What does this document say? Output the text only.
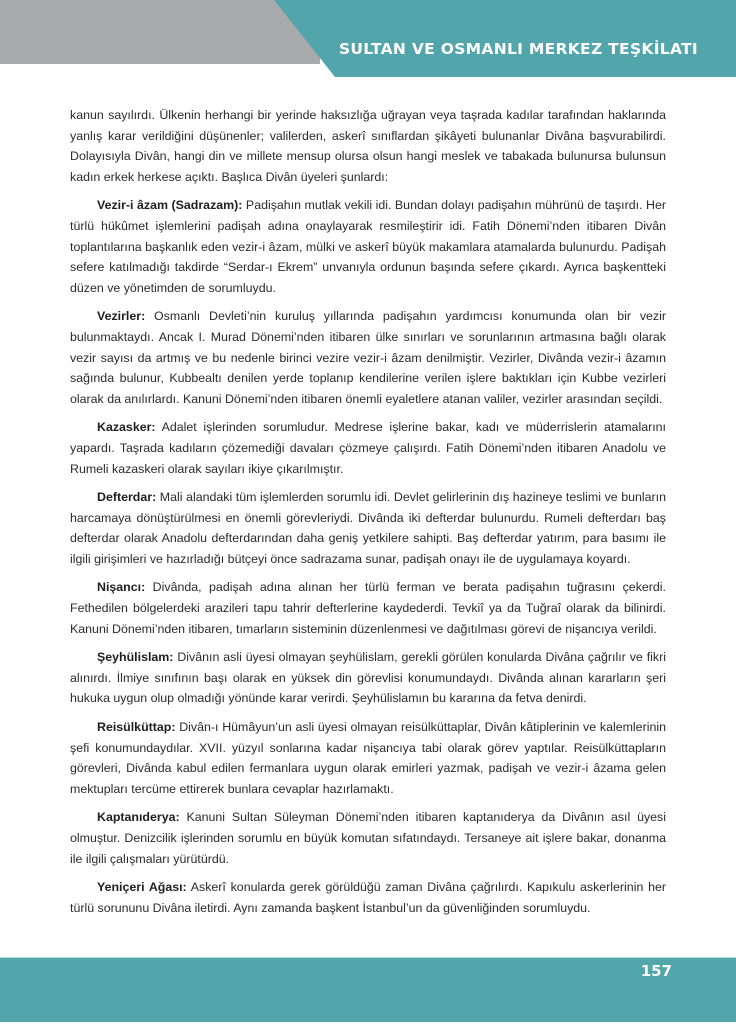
SULTAN VE OSMANLI MERKEZ TEŞKİLATI

kanun sayılırdı. Ülkenin herhangi bir yerinde haksızlığa uğrayan veya taşrada kadılar tarafından haklarında yanlış karar verildiğini düşünenler; valilerden, askerî sınıflardan şikâyeti bulunanlar Divâna başvurabilirdi. Dolayısıyla Divân, hangi din ve millete mensup olursa olsun hangi meslek ve tabakada bulunursa bulunsun kadın erkek herkese açıktı. Başlıca Divân üyeleri şunlardı:

Vezir-i âzam (Sadrazam): Padişahın mutlak vekili idi. Bundan dolayı padişahın mührünü de taşırdı. Her türlü hükûmet işlemlerini padişah adına onaylayarak resmileştirir idi. Fatih Dönemi’nden itibaren Divân toplantılarına başkanlık eden vezir-i âzam, mülki ve askerî büyük makamlara atamalarda bulunurdu. Padişah sefere katılmadığı takdirde “Serdar-ı Ekrem” unvanıyla ordunun başında sefere çıkardı. Ayrıca başkentteki düzen ve yönetimden de sorumluydu.

Vezirler: Osmanlı Devleti’nin kuruluş yıllarında padişahın yardımcısı konumunda olan bir vezir bulunmaktaydı. Ancak I. Murad Dönemi’nden itibaren ülke sınırları ve sorunlarının artmasına bağlı olarak vezir sayısı da artmış ve bu nedenle birinci vezire vezir-i âzam denilmiştir. Vezirler, Divânda vezir-i âzamın sağında bulunur, Kubbealtı denilen yerde toplanıp kendilerine verilen işlere baktıkları için Kubbe vezirleri olarak da anılırlardı. Kanuni Dönemi’nden itibaren önemli eyaletlere atanan valiler, vezirler arasından seçildi.

Kazasker: Adalet işlerinden sorumludur. Medrese işlerine bakar, kadı ve müderrislerin atamalarını yapardı. Taşrada kadıların çözemediği davaları çözmeye çalışırdı. Fatih Dönemi’nden itibaren Anadolu ve Rumeli kazaskeri olarak sayıları ikiye çıkarılmıştır.

Defterdar: Mali alandaki tüm işlemlerden sorumlu idi. Devlet gelirlerinin dış hazineye teslimi ve bunların harcamaya dönüştürülmesi en önemli görevleriydi. Divânda iki defterdar bulunurdu. Rumeli defterdarı baş defterdar olarak Anadolu defterdarından daha geniş yetkilere sahipti. Baş defterdar yatırım, para basımı ile ilgili girişimleri ve hazırladığı bütçeyi önce sadrazama sunar, padişah onayı ile de uygulamaya koyardı.

Nişancı: Divânda, padişah adına alınan her türlü ferman ve berata padişahın tuğrasını çekerdi. Fethedilen bölgelerdeki arazileri tapu tahrir defterlerine kaydederdi. Tevkiî ya da Tuğraî olarak da bilinirdi. Kanuni Dönemi’nden itibaren, tımarların sisteminin düzenlenmesi ve dağıtılması görevi de nişancıya verildi.

Şeyhülislam: Divânın asli üyesi olmayan şeyhülislam, gerekli görülen konularda Divâna çağrılır ve fikri alınırdı. İlmiye sınıfının başı olarak en yüksek din görevlisi konumundaydı. Divânda alınan kararların şeri hukuka uygun olup olmadığı yönünde karar verirdi. Şeyhülislamın bu kararına da fetva denirdi.

Reisülküttap: Divân-ı Hümâyun’un asli üyesi olmayan reisülküttaplar, Divân kâtiplerinin ve kalemlerinin şefi konumundaydılar. XVII. yüzyıl sonlarına kadar nişancıya tabi olarak görev yaptılar. Reisülküttapların görevleri, Divânda kabul edilen fermanlara uygun olarak emirleri yazmak, padişah ve vezir-i âzama gelen mektupları tercüme ettirerek bunlara cevaplar hazırlamaktı.

Kaptanıderya: Kanuni Sultan Süleyman Dönemi’nden itibaren kaptanıderya da Divânın asıl üyesi olmuştur. Denizcilik işlerinden sorumlu en büyük komutan sıfatındaydı. Tersaneye ait işlere bakar, donanma ile ilgili çalışmaları yürütürdü.

Yeniçeri Ağası: Askerî konularda gerek görüldüğü zaman Divâna çağrılırdı. Kapıkulu askerlerinin her türlü sorununu Divâna iletirdi. Aynı zamanda başkent İstanbul’un da güvenliğinden sorumluydu.

157
